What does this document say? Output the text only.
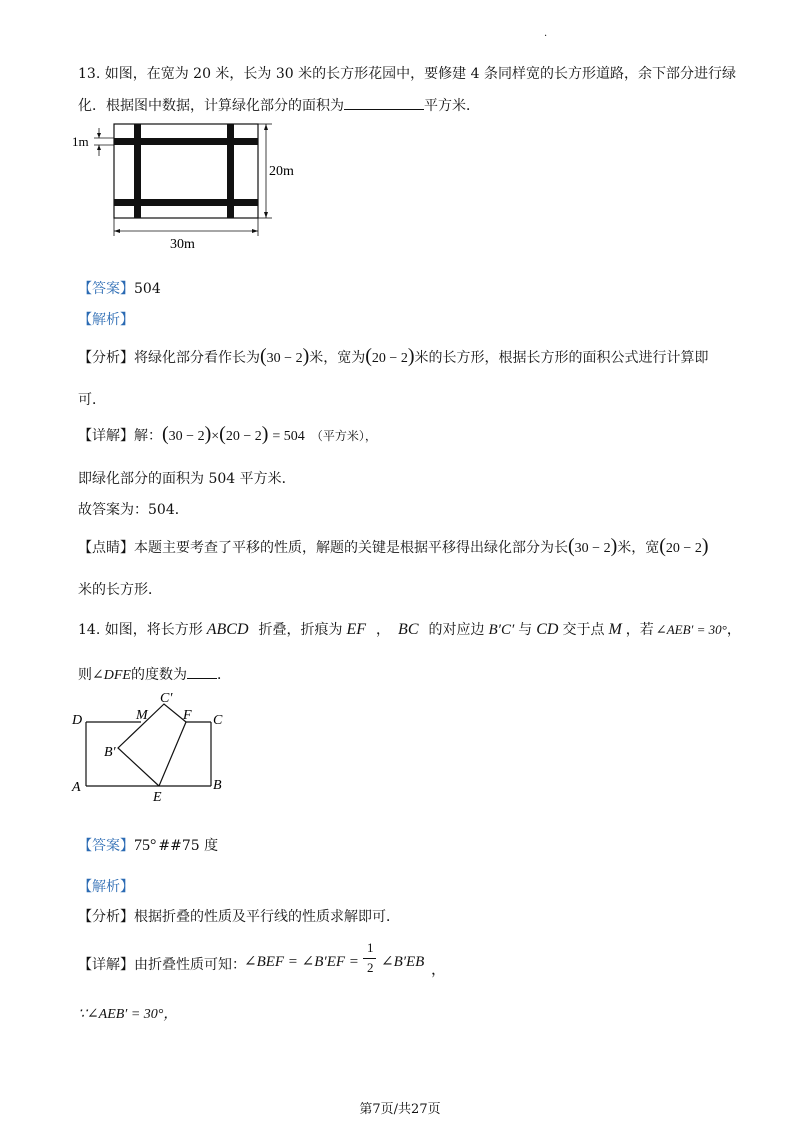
.
13. 如图，在宽为 20 米，长为 30 米的长方形花园中，要修建 4 条同样宽的长方形道路，余下部分进行绿
化．根据图中数据，计算绿化部分的面积为	平方米．
1m
20m
30m
【答案】504
【解析】
【分析】将绿化部分看作长为(30 − 2)米，宽为(20 − 2)米的长方形，根据长方形的面积公式进行计算即
可．
【详解】解：(30 − 2)×(20 − 2) = 504 （平方米），
即绿化部分的面积为 504 平方米．
故答案为：504．
【点睛】本题主要考查了平移的性质，解题的关键是根据平移得出绿化部分为长(30 − 2)米，宽(20 − 2)
米的长方形．
14. 如图，将长方形 ABCD 折叠，折痕为 EF ， BC 的对应边 B′C′ 与 CD 交于点 M ，若 ∠AEB′ = 30°，
则∠DFE的度数为 ．
C′
M	F C
D
B′
A
E
B
【答案】75° ##75 度
【解析】
【分析】根据折叠的性质及平行线的性质求解即可．
【详解】由折叠性质可知：
∠BEF = ∠B′EF =
1
2 ∠B′EB ，
∵∠AEB′ = 30°，
第7页/共27页
